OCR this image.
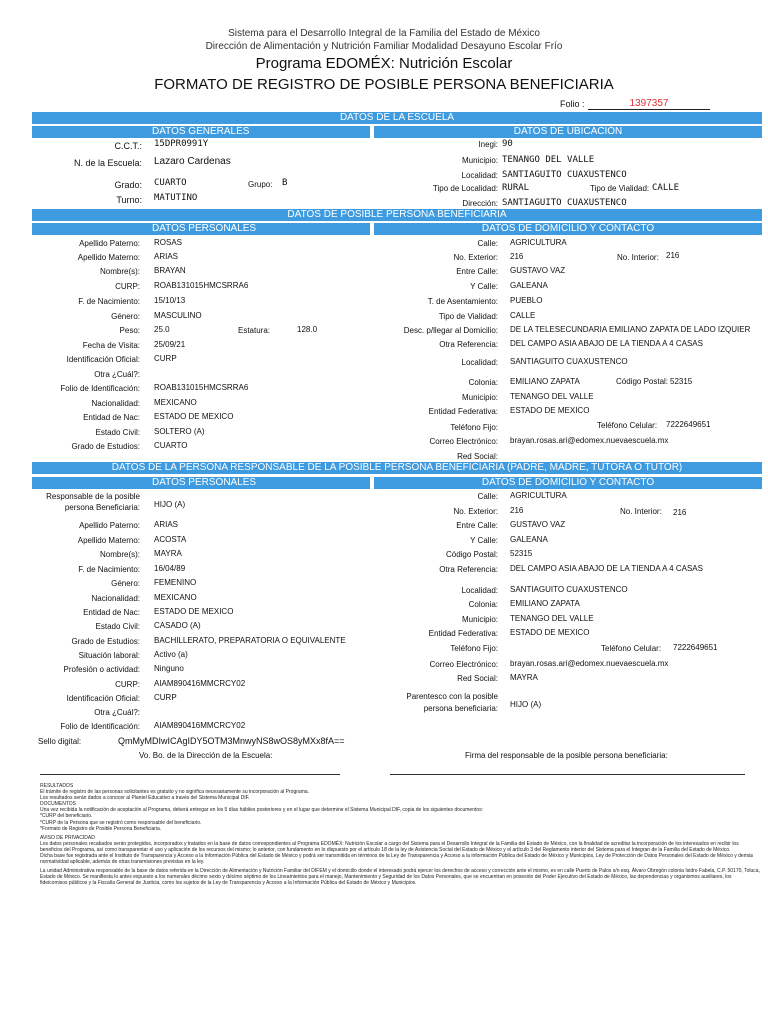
Sistema para el Desarrollo Integral de la Familia del Estado de México
Dirección de Alimentación y Nutrición Familiar Modalidad Desayuno Escolar Frío
Programa EDOMÉX: Nutrición Escolar
FORMATO DE REGISTRO DE POSIBLE PERSONA BENEFICIARIA
Folio :	1397357
DATOS DE LA ESCUELA
DATOS GENERALES	DATOS DE UBICACIÓN
C.C.T.: 15DPR0991Y
N. de la Escuela: Lazaro Cardenas
Grado: CUARTO	Grupo: B
Turno: MATUTINO
Inegi: 90
Municipio: TENANGO DEL VALLE
Localidad: SANTIAGUITO CUAXUSTENCO
Tipo de Localidad: RURAL	Tipo de Vialidad: CALLE
Dirección: SANTIAGUITO CUAXUSTENCO
DATOS DE POSIBLE PERSONA BENEFICIARIA
DATOS PERSONALES	DATOS DE DOMICILIO Y CONTACTO
Apellido Paterno: ROSAS
Apellido Materno: ARIAS
Nombre(s): BRAYAN
CURP: ROAB131015HMCSRRA6
F. de Nacimiento: 15/10/13
Género: MASCULINO
Peso: 25.0
Fecha de Visita: 25/09/21
Identificación Oficial: CURP
Otra ¿Cuál?:
Folio de Identificación: ROAB131015HMCSRRA6
Nacionalidad: MEXICANO
Entidad de Nac: ESTADO DE MEXICO
Estado Civil: SOLTERO (A)
Grado de Estudios: CUARTO
Estatura:	128.0
Calle: AGRICULTURA
No. Exterior: 216
Entre Calle: GUSTAVO VAZ
Y Calle: GALEANA
T. de Asentamiento: PUEBLO
Tipo de Vialidad: CALLE
Desc. p/llegar al Domicilio: DE LA TELESECUNDARIA EMILIANO ZAPATA DE LADO IZQUIER
Otra Referencia: DEL CAMPO ASIA ABAJO DE LA TIENDA A 4 CASAS
Localidad: SANTIAGUITO CUAXUSTENCO
Colonia: EMILIANO ZAPATA
Municipio: TENANGO DEL VALLE
Entidad Federativa: ESTADO DE MEXICO
Teléfono Fijo:
Correo Electrónico: brayan.rosas.ari@edomex.nuevaescuela.mx
Red Social:
No. Interior: 216
Código Postal: 52315
Teléfono Celular: 7222649651
DATOS DE LA PERSONA RESPONSABLE DE LA POSIBLE PERSONA BENEFICIARIA (PADRE, MADRE, TUTORA O TUTOR)
DATOS PERSONALES	DATOS DE DOMICILIO Y CONTACTO
Responsable de la posible
persona Beneficiaria: HIJO (A)
Apellido Paterno: ARIAS
Apellido Materno: ACOSTA
Nombre(s): MAYRA
F. de Nacimiento: 16/04/89
Género: FEMENINO
Nacionalidad: MEXICANO
Entidad de Nac: ESTADO DE MEXICO
Estado Civil: CASADO (A)
Grado de Estudios: BACHILLERATO, PREPARATORIA O EQUIVALENTE
Situación laboral: Activo (a)
Profesión o actividad: Ninguno
CURP: AIAM890416MMCRCY02
Identificación Oficial: CURP
Otra ¿Cuál?:
Folio de Identificación: AIAM890416MMCRCY02
Calle: AGRICULTURA
No. Exterior: 216
Entre Calle: GUSTAVO VAZ
Y Calle: GALEANA
Código Postal: 52315
Otra Referencia: DEL CAMPO ASIA ABAJO DE LA TIENDA A 4 CASAS
Localidad: SANTIAGUITO CUAXUSTENCO
Colonia: EMILIANO ZAPATA
Municipio: TENANGO DEL VALLE
Entidad Federativa: ESTADO DE MEXICO
Teléfono Fijo:
Correo Electrónico: brayan.rosas.ari@edomex.nuevaescuela.mx
Red Social: MAYRA
No. Interior: 216
Teléfono Celular: 7222649651
Parentesco con la posible
persona beneficiaria: HIJO (A)
Sello digital:	QmMyMDIwICAgIDY5OTM3MnwyNS8wOS8yMXx8fA==
Vo. Bo. de la Dirección de la Escuela:	Firma del responsable de la posible persona beneficiaria:

RESULTADOS

El trámite de registro de las personas solicitantes es gratuito y no significa necesariamente su incorporación al Programa.

Los resultados serán dados a conocer al Plantel Educativo a través del Sistema Municipal DIF.

DOCUMENTOS

Una vez recibida la notificación de aceptación al Programa, deberá entregar en los 5 días hábiles posteriores y en el lugar que determine el Sistema Municipal DIF, copia de los siguientes documentos:

*CURP del beneficiario.

*CURP de la Persona que se registró como responsable del beneficiario.

*Formato de Registro de Posible Persona Beneficiaria.

AVISO DE PRIVACIDAD

Los datos personales recabados serán protegidos, incorporados y tratados en la base de datos correspondientes al Programa EDOMÉX: Nutrición Escolar a cargo del Sistema para el Desarrollo Integral de la Familia del Estado de México, con la finalidad de acreditar la incorporación de los interesados en recibir los beneficios del Programa, así como transparentar el uso y aplicación de los recursos del mismo; lo anterior, con fundamento en lo dispuesto por el artículo 18 de la ley de Asistencia Social del Estado de México y el artículo 3 del Reglamento interior del Sistema para el Integran de la Familia del Estado de México.

Dicha base fue registrada ante el Instituto de Transparencia y Acceso a la Información Pública del Estado de México y podrá ser transmitida en términos de la Ley de Transparencia y Acceso a la información Pública del Estado de México y Municipios, Ley de Protección de Datos Personales del Estado de México y demás normatividad aplicable, además de otras transmisiones previstas en la ley.

La unidad Administrativa responsable de la base de datos referida en la Dirección de Alimentación y Nutrición Familiar del DIFEM y el domicilio donde el interesado podrá ejercer los derechos de acceso y corrección ante el mismo, es en calle Puerto de Palos s/n esq. Álvaro Obregón colonia Isidro Fabela, C.P. 50170, Toluca, Estado de México. Se manifiesta lo antes expuesto a los numerales décimo sexto y décimo séptimo de los Lineamientos para el manejo, Mantenimiento y Seguridad de los Datos Personales, que se encuentran en posesión del Poder Ejecutivo del Estado de México, las dependencias y organismos auxiliares, los fideicomisos públicos y la Fiscalía General de Justicia, como los sujetos de la Ley de Transparencia y Acceso a la Información Pública del Estado de México y Municipios.
